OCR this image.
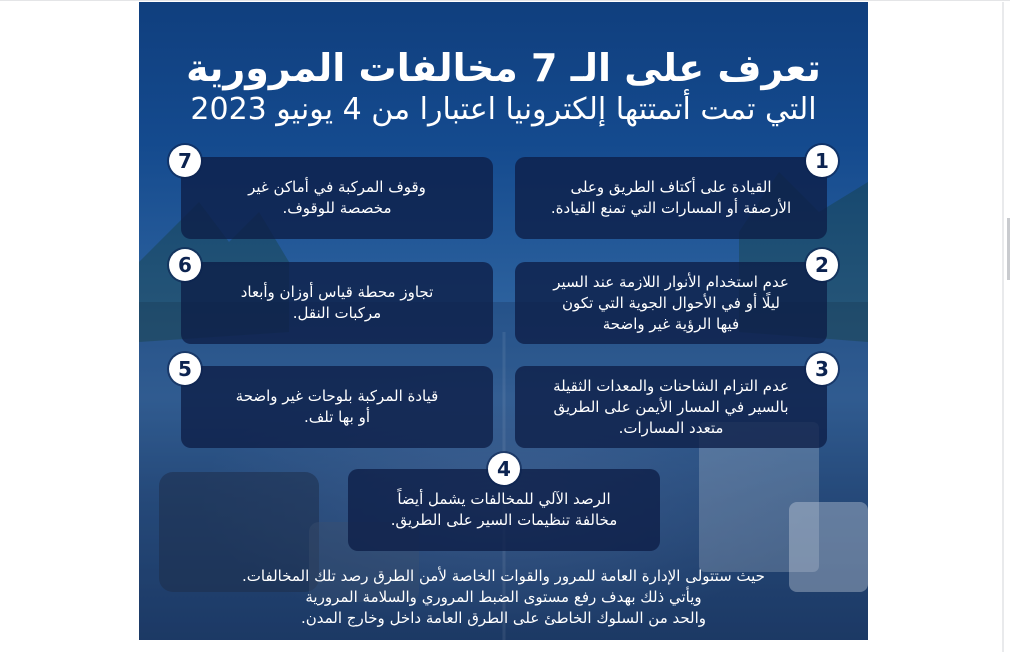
تعرف على الـ 7 مخالفات المرورية
التي تمت أتمتتها إلكترونيا اعتبارا من 4 يونيو 2023
القيادة على أكتاف الطريق وعلى
الأرصفة أو المسارات التي تمنع القيادة.
1
عدم استخدام الأنوار اللازمة عند السير
ليلًا أو في الأحوال الجوية التي تكون
فيها الرؤية غير واضحة
2
عدم التزام الشاحنات والمعدات الثقيلة
بالسير في المسار الأيمن على الطريق
متعدد المسارات.
3
وقوف المركبة في أماكن غير
مخصصة للوقوف.
7
تجاوز محطة قياس أوزان وأبعاد
مركبات النقل.
6
قيادة المركبة بلوحات غير واضحة
أو بها تلف.
5
الرصد الآلي للمخالفات يشمل أيضاً
مخالفة تنظيمات السير على الطريق.
4
حيث ستتولى الإدارة العامة للمرور والقوات الخاصة لأمن الطرق رصد تلك المخالفات.
ويأتي ذلك بهدف رفع مستوى الضبط المروري والسلامة المرورية
والحد من السلوك الخاطئ على الطرق العامة داخل وخارج المدن.
